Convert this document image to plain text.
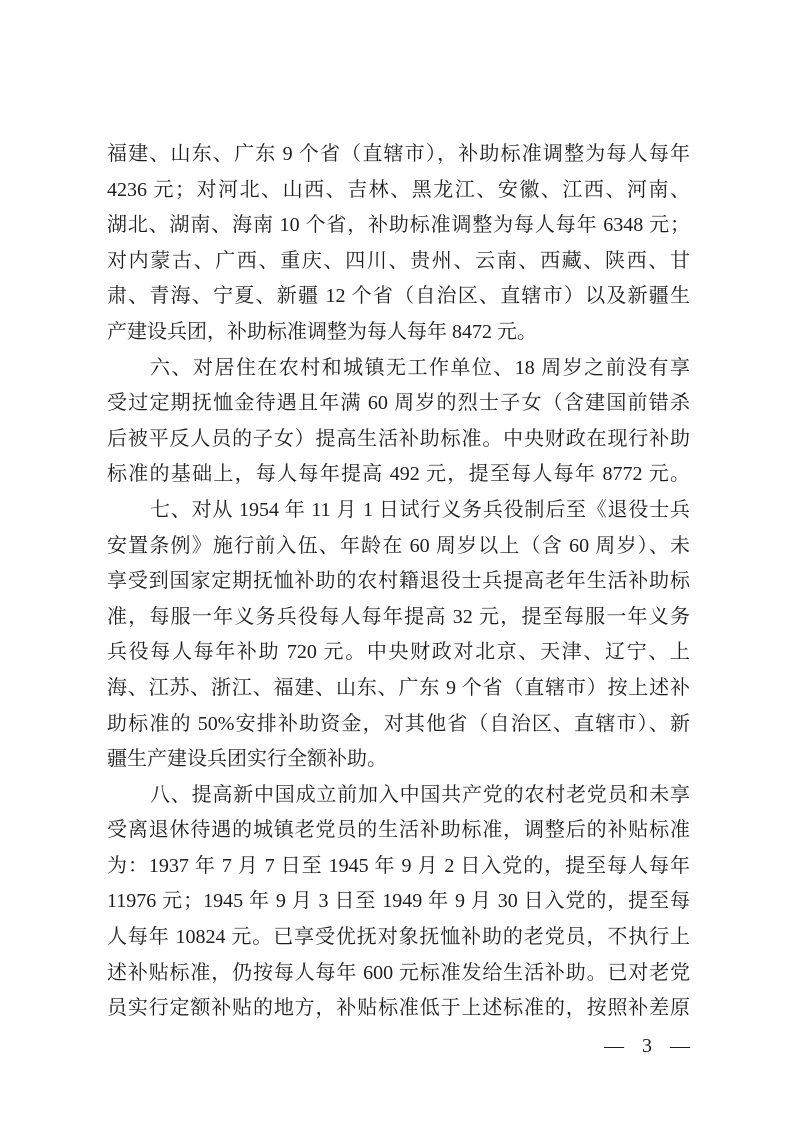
福建、山东、广东 9 个省（直辖市），补助标准调整为每人每年
4236 元；对河北、山西、吉林、黑龙江、安徽、江西、河南、
湖北、湖南、海南 10 个省，补助标准调整为每人每年 6348 元；
对内蒙古、广西、重庆、四川、贵州、云南、西藏、陕西、甘
肃、青海、宁夏、新疆 12 个省（自治区、直辖市）以及新疆生
产建设兵团，补助标准调整为每人每年 8472 元。
六、对居住在农村和城镇无工作单位、18 周岁之前没有享
受过定期抚恤金待遇且年满 60 周岁的烈士子女（含建国前错杀
后被平反人员的子女）提高生活补助标准。中央财政在现行补助
标准的基础上，每人每年提高 492 元，提至每人每年 8772 元。
七、对从 1954 年 11 月 1 日试行义务兵役制后至《退役士兵
安置条例》施行前入伍、年龄在 60 周岁以上（含 60 周岁）、未
享受到国家定期抚恤补助的农村籍退役士兵提高老年生活补助标
准，每服一年义务兵役每人每年提高 32 元，提至每服一年义务
兵役每人每年补助 720 元。中央财政对北京、天津、辽宁、上
海、江苏、浙江、福建、山东、广东 9 个省（直辖市）按上述补
助标准的 50%安排补助资金，对其他省（自治区、直辖市）、新
疆生产建设兵团实行全额补助。
八、提高新中国成立前加入中国共产党的农村老党员和未享
受离退休待遇的城镇老党员的生活补助标准，调整后的补贴标准
为：1937 年 7 月 7 日至 1945 年 9 月 2 日入党的，提至每人每年
11976 元；1945 年 9 月 3 日至 1949 年 9 月 30 日入党的，提至每
人每年 10824 元。已享受优抚对象抚恤补助的老党员，不执行上
述补贴标准，仍按每人每年 600 元标准发给生活补助。已对老党
员实行定额补贴的地方，补贴标准低于上述标准的，按照补差原
— 3 —
